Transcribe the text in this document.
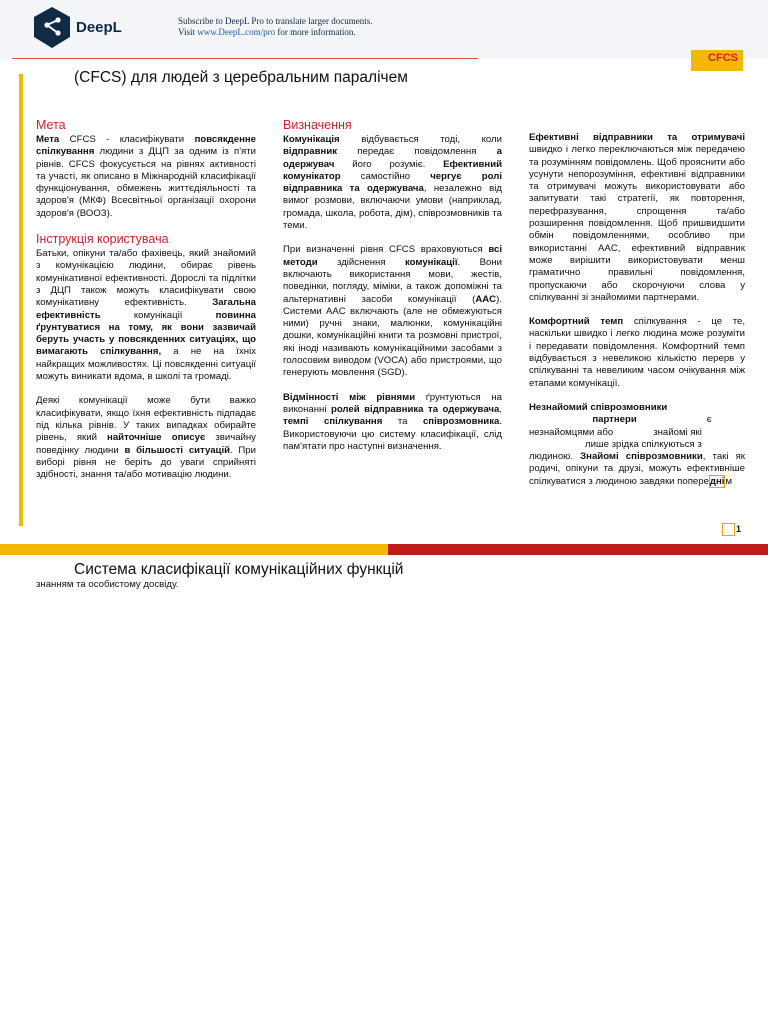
DeepL	Subscribe to DeepL Pro to translate larger documents.
Visit www.DeepL.com/pro for more information.
CFCS
(CFCS) для людей з церебральним паралічем
Мета

Мета CFCS - класифікувати повсякденне спілкування людини з ДЦП за одним із п'яти рівнів. CFCS фокусується на рівнях активності та участі, як описано в Міжнародній класифікації функціонування, обмежень життєдіяльності та здоров'я (МКФ) Всесвітньої організації охорони здоров'я (ВООЗ).

Інструкція користувача

Батьки, опікуни та/або фахівець, який знайомий з комунікацією людини, обирає рівень комунікативної ефективності. Дорослі та підлітки з ДЦП також можуть класифікувати свою комунікативну ефективність. Загальна ефективність комунікації повинна ґрунтуватися на тому, як вони зазвичай беруть участь у повсякденних ситуаціях, що вимагають спілкування, а не на їхніх найкращих можливостях. Ці повсякденні ситуації можуть виникати вдома, в школі та громаді.

Деякі комунікації може бути важко класифікувати, якщо їхня ефективність підпадає під кілька рівнів. У таких випадках обирайте рівень, який найточніше описує звичайну поведінку людини в більшості ситуацій. При виборі рівня не беріть до уваги сприйняті здібності, знання та/або мотивацію людини.

Визначення

Комунікація відбувається тоді, коли відправник передає повідомлення а одержувач його розуміє. Ефективний комунікатор самостійно чергує ролі відправника та одержувача, незалежно від вимог розмови, включаючи умови (наприклад, громада, школа, робота, дім), співрозмовників та теми.

При визначенні рівня CFCS враховуються всі методи здійснення комунікації. Вони включають використання мови, жестів, поведінки, погляду, міміки, а також допоміжні та альтернативні засоби комунікації (AAC). Системи AAC включають (але не обмежуються ними) ручні знаки, малюнки, комунікаційні дошки, комунікаційні книги та розмовні пристрої, які іноді називають комунікаційними засобами з голосовим виводом (VOCA) або пристроями, що генерують мовлення (SGD).

Відмінності між рівнями ґрунтуються на виконанні ролей відправника та одержувача, темпі спілкування та співрозмовника. Використовуючи цю систему класифікації, слід пам'ятати про наступні визначення.

Ефективні відправники та отримувачі швидко і легко переключаються між передачею та розумінням повідомлень. Щоб прояснити або усунути непорозуміння, ефективні відправники та отримувачі можуть використовувати або запитувати такі стратегії, як повторення, перефразування, спрощення та/або розширення повідомлення. Щоб пришвидшити обмін повідомленнями, особливо при використанні AAC, ефективний відправник може вирішити використовувати менш граматично правильні повідомлення, пропускаючи або скорочуючи слова у спілкуванні зі знайомими партнерами.

Комфортний темп спілкування - це те, наскільки швидко і легко людина може розуміти і передавати повідомлення. Комфортний темп відбувається з невеликою кількістю перерв у спілкуванні та невеликим часом очікування між етапами комунікації.

Незнайомий співрозмовники

партнери	є
незнайомцями або	знайомі які
лише зрідка спілкуються з
людиною. Знайомі співрозмовники, такі як родичі, опікуни та друзі, можуть ефективніше спілкуватися з людиною завдяки попереднім

1
Система класифікації комунікаційних функцій
знанням та особистому досвіду.
